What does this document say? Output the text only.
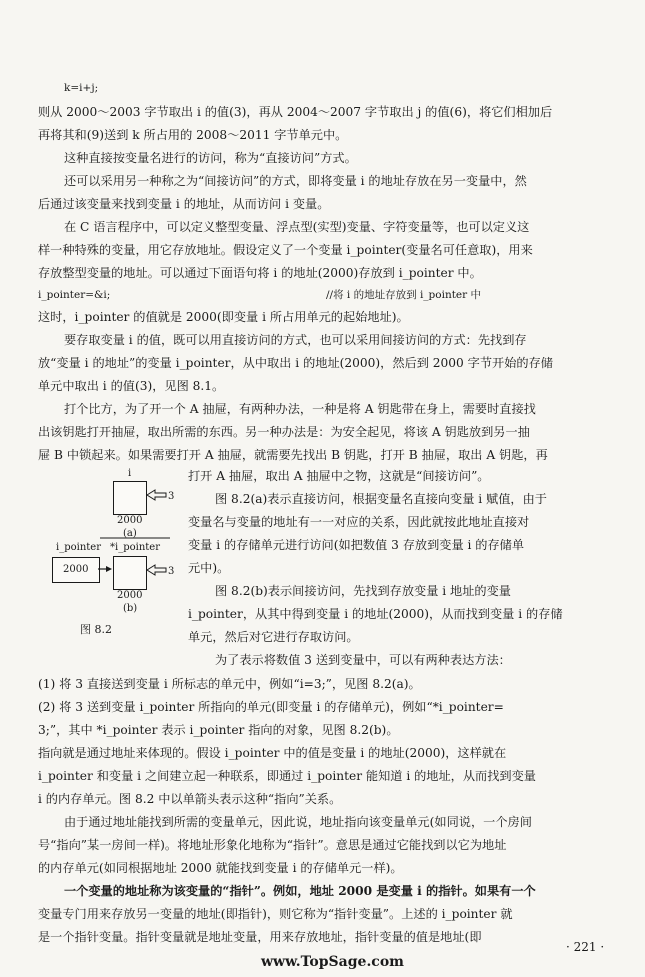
k=i+j;
则从 2000～2003 字节取出 i 的值(3)，再从 2004～2007 字节取出 j 的值(6)，将它们相加后
再将其和(9)送到 k 所占用的 2008～2011 字节单元中。
这种直接按变量名进行的访问，称为“直接访问”方式。
还可以采用另一种称之为“间接访问”的方式，即将变量 i 的地址存放在另一变量中，然
后通过该变量来找到变量 i 的地址，从而访问 i 变量。
在 C 语言程序中，可以定义整型变量、浮点型(实型)变量、字符变量等，也可以定义这
样一种特殊的变量，用它存放地址。假设定义了一个变量 i_pointer(变量名可任意取)，用来
存放整型变量的地址。可以通过下面语句将 i 的地址(2000)存放到 i_pointer 中。
i_pointer=&i;	//将 i 的地址存放到 i_pointer 中
这时，i_pointer 的值就是 2000(即变量 i 所占用单元的起始地址)。
要存取变量 i 的值，既可以用直接访问的方式，也可以采用间接访问的方式：先找到存
放“变量 i 的地址”的变量 i_pointer，从中取出 i 的地址(2000)，然后到 2000 字节开始的存储
单元中取出 i 的值(3)，见图 8.1。
打个比方，为了开一个 A 抽屉，有两种办法，一种是将 A 钥匙带在身上，需要时直接找
出该钥匙打开抽屉，取出所需的东西。另一种办法是：为安全起见，将该 A 钥匙放到另一抽
屉 B 中锁起来。如果需要打开 A 抽屉，就需要先找出 B 钥匙，打开 B 抽屉，取出 A 钥匙，再
打开 A 抽屉，取出 A 抽屉中之物，这就是“间接访问”。
图 8.2(a)表示直接访问，根据变量名直接向变量 i 赋值，由于
变量名与变量的地址有一一对应的关系，因此就按此地址直接对
变量 i 的存储单元进行访问(如把数值 3 存放到变量 i 的存储单
元中)。
图 8.2(b)表示间接访问，先找到存放变量 i 地址的变量
i_pointer，从其中得到变量 i 的地址(2000)，从而找到变量 i 的存储
单元，然后对它进行存取访问。
为了表示将数值 3 送到变量中，可以有两种表达方法：
(1) 将 3 直接送到变量 i 所标志的单元中，例如“i=3;”，见图 8.2(a)。
(2) 将 3 送到变量 i_pointer 所指向的单元(即变量 i 的存储单元)，例如“*i_pointer=
3;”，其中 *i_pointer 表示 i_pointer 指向的对象，见图 8.2(b)。
指向就是通过地址来体现的。假设 i_pointer 中的值是变量 i 的地址(2000)，这样就在
i_pointer 和变量 i 之间建立起一种联系，即通过 i_pointer 能知道 i 的地址，从而找到变量
i 的内存单元。图 8.2 中以单箭头表示这种“指向”关系。
由于通过地址能找到所需的变量单元，因此说，地址指向该变量单元(如同说，一个房间
号“指向”某一房间一样)。将地址形象化地称为“指针”。意思是通过它能找到以它为地址
的内存单元(如同根据地址 2000 就能找到变量 i 的存储单元一样)。
一个变量的地址称为该变量的“指针”。例如，地址 2000 是变量 i 的指针。如果有一个
变量专门用来存放另一变量的地址(即指针)，则它称为“指针变量”。上述的 i_pointer 就
是一个指针变量。指针变量就是地址变量，用来存放地址，指针变量的值是地址(即
i
3
2000
(a)
i_pointer *i_pointer
2000	3
2000
(b)
图 8.2
· 221 ·
www.TopSage.com
